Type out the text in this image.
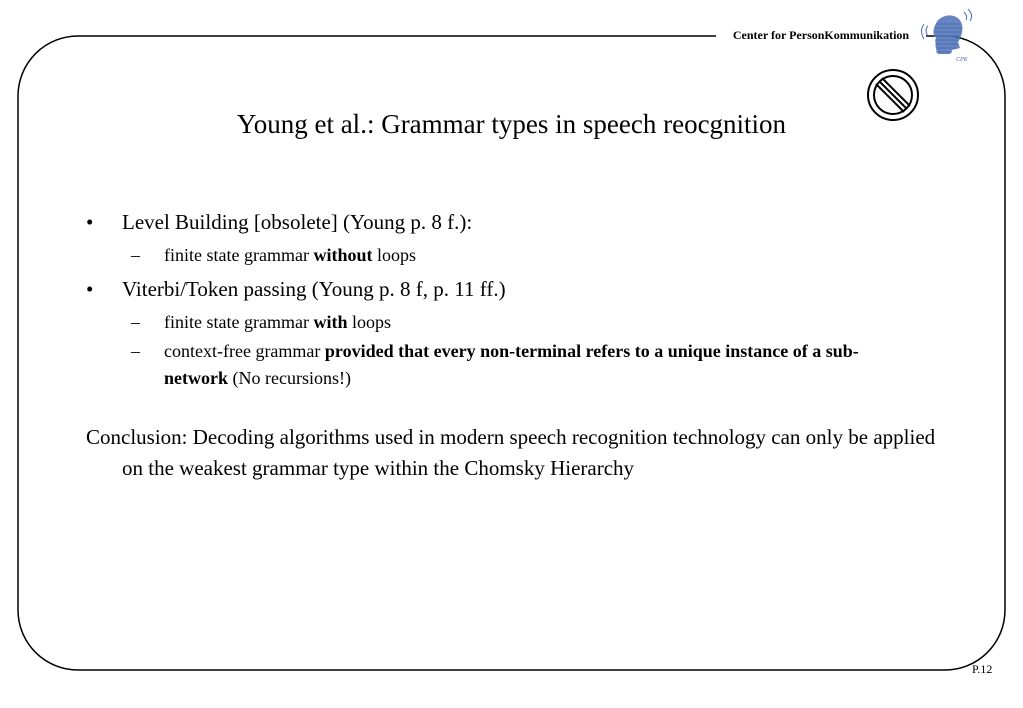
Center for PersonKommunikation
CPK
Young et al.: Grammar types in speech reocgnition
• Level Building [obsolete] (Young p. 8 f.):
– finite state grammar without loops
• Viterbi/Token passing (Young p. 8 f, p. 11 ff.)
– finite state grammar with loops
– context-free grammar provided that every non-terminal refers to a unique instance of a sub-network (No recursions!)

Conclusion: Decoding algorithms used in modern speech recognition technology can only be applied on the weakest grammar type within the Chomsky Hierarchy

P.12
